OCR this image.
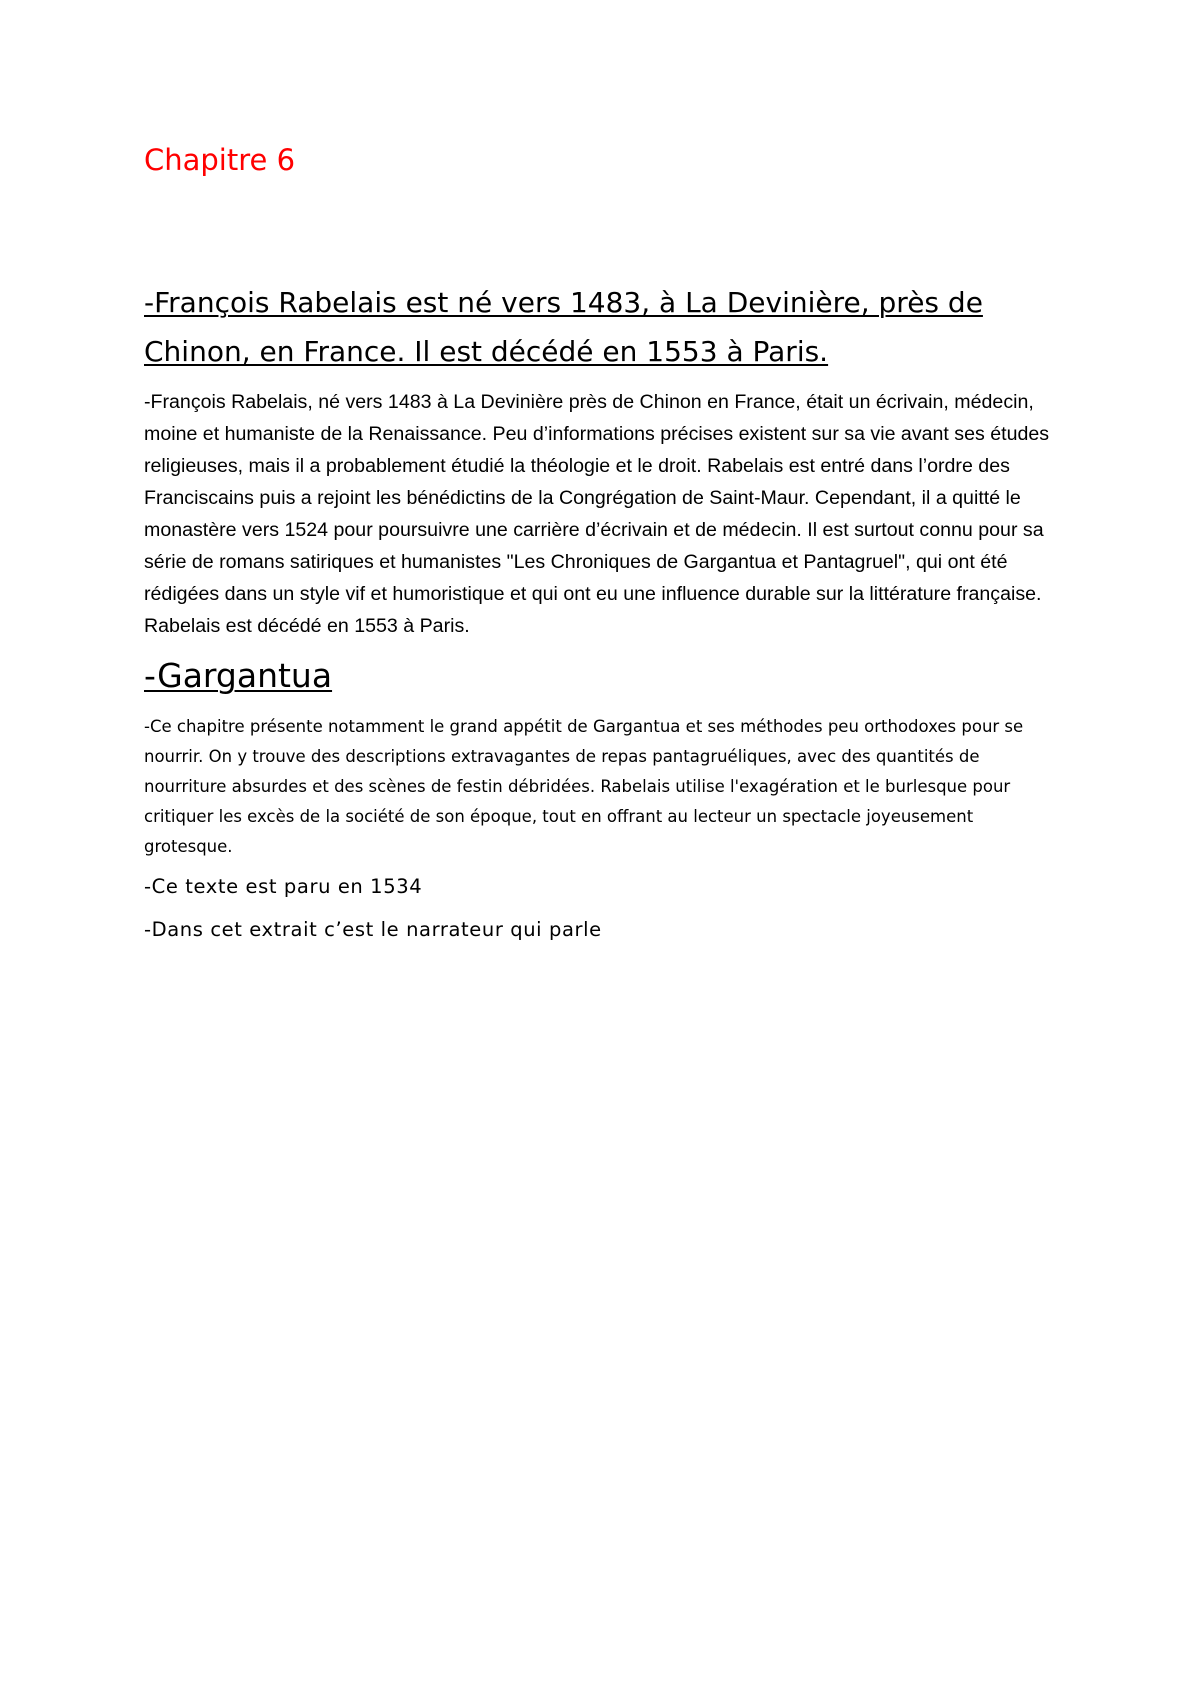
Chapitre 6
-François Rabelais est né vers 1483, à La Devinière, près de Chinon, en France. Il est décédé en 1553 à Paris.

-François Rabelais, né vers 1483 à La Devinière près de Chinon en France, était un écrivain, médecin, moine et humaniste de la Renaissance. Peu d’informations précises existent sur sa vie avant ses études religieuses, mais il a probablement étudié la théologie et le droit. Rabelais est entré dans l’ordre des Franciscains puis a rejoint les bénédictins de la Congrégation de Saint-Maur. Cependant, il a quitté le monastère vers 1524 pour poursuivre une carrière d’écrivain et de médecin. Il est surtout connu pour sa série de romans satiriques et humanistes "Les Chroniques de Gargantua et Pantagruel", qui ont été rédigées dans un style vif et humoristique et qui ont eu une influence durable sur la littérature française. Rabelais est décédé en 1553 à Paris.

-Gargantua

-Ce chapitre présente notamment le grand appétit de Gargantua et ses méthodes peu orthodoxes pour se nourrir. On y trouve des descriptions extravagantes de repas pantagruéliques, avec des quantités de nourriture absurdes et des scènes de festin débridées. Rabelais utilise l'exagération et le burlesque pour critiquer les excès de la société de son époque, tout en offrant au lecteur un spectacle joyeusement grotesque.

-Ce texte est paru en 1534

-Dans cet extrait c’est le narrateur qui parle
